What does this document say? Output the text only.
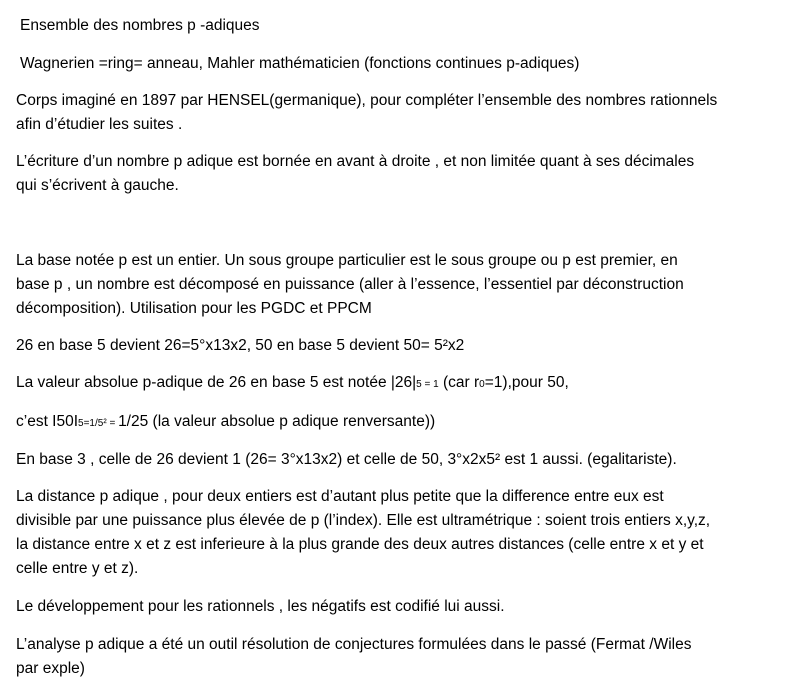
Ensemble des nombres p -adiques
Wagnerien =ring= anneau, Mahler mathématicien (fonctions continues p-adiques)
Corps imaginé en 1897 par HENSEL(germanique), pour compléter l’ensemble des nombres rationnels
afin d’étudier les suites .
L’écriture d’un nombre p adique est bornée en avant à droite , et non limitée quant à ses décimales
qui s’écrivent à gauche.
La base notée p est un entier. Un sous groupe particulier est le sous groupe ou p est premier, en
base p , un nombre est décomposé en puissance (aller à l’essence, l’essentiel par déconstruction
décomposition). Utilisation pour les PGDC et PPCM
26 en base 5 devient 26=5°x13x2, 50 en base 5 devient 50= 5²x2
La valeur absolue p-adique de 26 en base 5 est notée |26|5 = 1 (car r0=1),pour 50,
c’est I50I5=1/5² = 1/25 (la valeur absolue p adique renversante))
En base 3 , celle de 26 devient 1 (26= 3°x13x2) et celle de 50, 3°x2x5² est 1 aussi. (egalitariste).
La distance p adique , pour deux entiers est d’autant plus petite que la difference entre eux est
divisible par une puissance plus élevée de p (l’index). Elle est ultramétrique : soient trois entiers x,y,z,
la distance entre x et z est inferieure à la plus grande des deux autres distances (celle entre x et y et
celle entre y et z).
Le développement pour les rationnels , les négatifs est codifié lui aussi.
L’analyse p adique a été un outil résolution de conjectures formulées dans le passé (Fermat /Wiles
par exple)
